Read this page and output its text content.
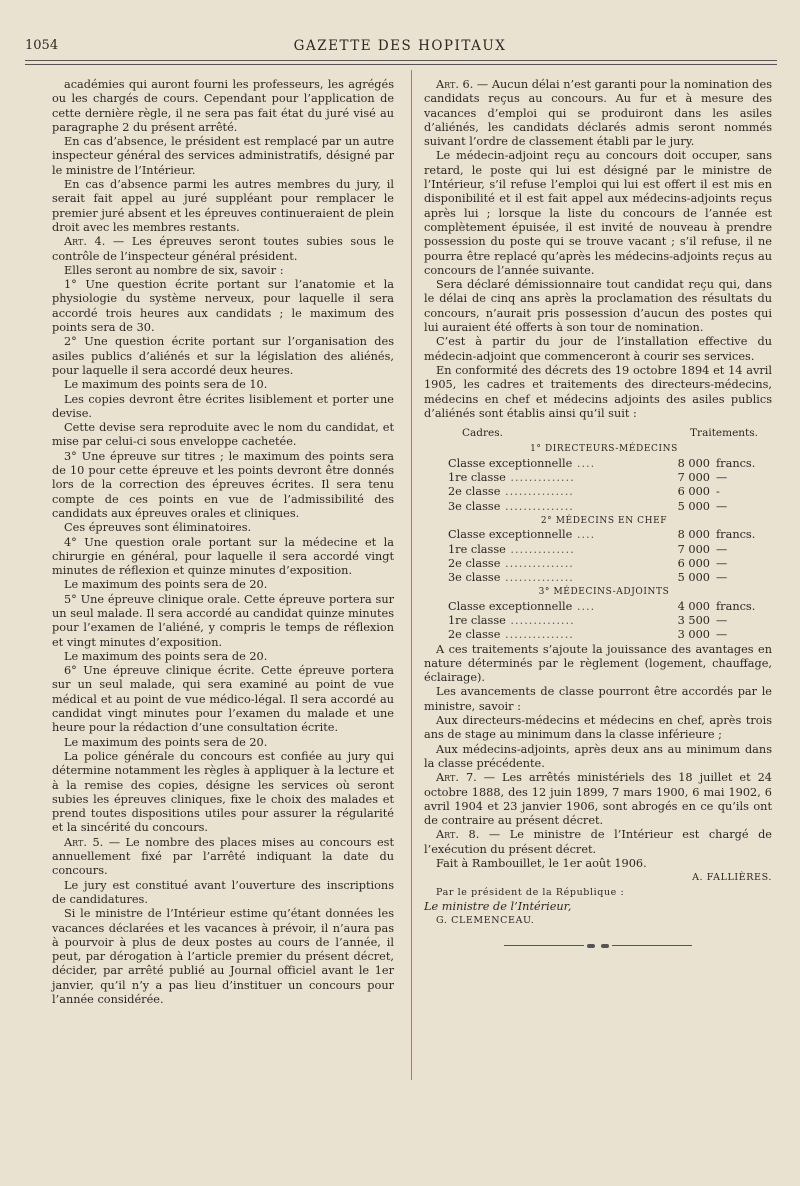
1054	GAZETTE DES HOPITAUX

académies qui auront fourni les professeurs, les agrégés ou les chargés de cours. Cependant pour l’application de cette dernière règle, il ne sera pas fait état du juré visé au paragraphe 2 du présent arrêté.

En cas d’absence, le président est remplacé par un autre inspecteur général des services administratifs, désigné par le ministre de l’Intérieur.

En cas d’absence parmi les autres membres du jury, il serait fait appel au juré suppléant pour remplacer le premier juré absent et les épreuves continueraient de plein droit avec les membres restants.

Art. 4. — Les épreuves seront toutes subies sous le contrôle de l’inspecteur général président.

Elles seront au nombre de six, savoir :

1° Une question écrite portant sur l’anatomie et la physiologie du système nerveux, pour laquelle il sera accordé trois heures aux candidats ; le maximum des points sera de 30.

2° Une question écrite portant sur l’organisation des asiles publics d’aliénés et sur la législation des aliénés, pour laquelle il sera accordé deux heures.

Le maximum des points sera de 10.

Les copies devront être écrites lisiblement et porter une devise.

Cette devise sera reproduite avec le nom du candidat, et mise par celui-ci sous enveloppe cachetée.

3° Une épreuve sur titres ; le maximum des points sera de 10 pour cette épreuve et les points devront être donnés lors de la correction des épreuves écrites. Il sera tenu compte de ces points en vue de l’admissibilité des candidats aux épreuves orales et cliniques.

Ces épreuves sont éliminatoires.

4° Une question orale portant sur la médecine et la chirurgie en général, pour laquelle il sera accordé vingt minutes de réflexion et quinze minutes d’exposition.

Le maximum des points sera de 20.

5° Une épreuve clinique orale. Cette épreuve portera sur un seul malade. Il sera accordé au candidat quinze minutes pour l’examen de l’aliéné, y compris le temps de réflexion et vingt minutes d’exposition.

Le maximum des points sera de 20.

6° Une épreuve clinique écrite. Cette épreuve portera sur un seul malade, qui sera examiné au point de vue médical et au point de vue médico-légal. Il sera accordé au candidat vingt minutes pour l’examen du malade et une heure pour la rédaction d’une consultation écrite.

Le maximum des points sera de 20.

La police générale du concours est confiée au jury qui détermine notamment les règles à appliquer à la lecture et à la remise des copies, désigne les services où seront subies les épreuves cliniques, fixe le choix des malades et prend toutes dispositions utiles pour assurer la régularité et la sincérité du concours.

Art. 5. — Le nombre des places mises au concours est annuellement fixé par l’arrêté indiquant la date du concours.

Le jury est constitué avant l’ouverture des inscriptions de candidatures.

Si le ministre de l’Intérieur estime qu’étant données les vacances déclarées et les vacances à prévoir, il n’aura pas à pourvoir à plus de deux postes au cours de l’année, il peut, par dérogation à l’article premier du présent décret, décider, par arrêté publié au Journal officiel avant le 1er janvier, qu’il n’y a pas lieu d’instituer un concours pour l’année considérée.

Art. 6. — Aucun délai n’est garanti pour la nomination des candidats reçus au concours. Au fur et à mesure des vacances d’emploi qui se produiront dans les asiles d’aliénés, les candidats déclarés admis seront nommés suivant l’ordre de classement établi par le jury.

Le médecin-adjoint reçu au concours doit occuper, sans retard, le poste qui lui est désigné par le ministre de l’Intérieur, s’il refuse l’emploi qui lui est offert il est mis en disponibilité et il est fait appel aux médecins-adjoints reçus après lui ; lorsque la liste du concours de l’année est complètement épuisée, il est invité de nouveau à prendre possession du poste qui se trouve vacant ; s’il refuse, il ne pourra être replacé qu’après les médecins-adjoints reçus au concours de l’année suivante.

Sera déclaré démissionnaire tout candidat reçu qui, dans le délai de cinq ans après la proclamation des résultats du concours, n’aurait pris possession d’aucun des postes qui lui auraient été offerts à son tour de nomination.

C’est à partir du jour de l’installation effective du médecin-adjoint que commenceront à courir ses services.

En conformité des décrets des 19 octobre 1894 et 14 avril 1905, les cadres et traitements des directeurs-médecins, médecins en chef et médecins adjoints des asiles publics d’aliénés sont établis ainsi qu’il suit :

Cadres.	Traitements.

1° DIRECTEURS-MÉDECINS

Classe exceptionnelle ....	8 000	francs.
1re classe ..............	7 000	—
2e classe ...............	6 000	-
3e classe ...............	5 000	—

2° MÉDECINS EN CHEF

Classe exceptionnelle ....	8 000	francs.
1re classe ..............	7 000	—
2e classe ...............	6 000	—
3e classe ...............	5 000	—

3° MÉDECINS-ADJOINTS

Classe exceptionnelle ....	4 000	francs.
1re classe ..............	3 500	—
2e classe ...............	3 000	—

A ces traitements s’ajoute la jouissance des avantages en nature déterminés par le règlement (logement, chauffage, éclairage).

Les avancements de classe pourront être accordés par le ministre, savoir :

Aux directeurs-médecins et médecins en chef, après trois ans de stage au minimum dans la classe inférieure ;

Aux médecins-adjoints, après deux ans au minimum dans la classe précédente.

Art. 7. — Les arrêtés ministériels des 18 juillet et 24 octobre 1888, des 12 juin 1899, 7 mars 1900, 6 mai 1902, 6 avril 1904 et 23 janvier 1906, sont abrogés en ce qu’ils ont de contraire au présent décret.

Art. 8. — Le ministre de l’Intérieur est chargé de l’exécution du présent décret.

Fait à Rambouillet, le 1er août 1906.

A. FALLIÈRES.

Par le président de la République :

Le ministre de l’Intérieur,

G. CLEMENCEAU.
